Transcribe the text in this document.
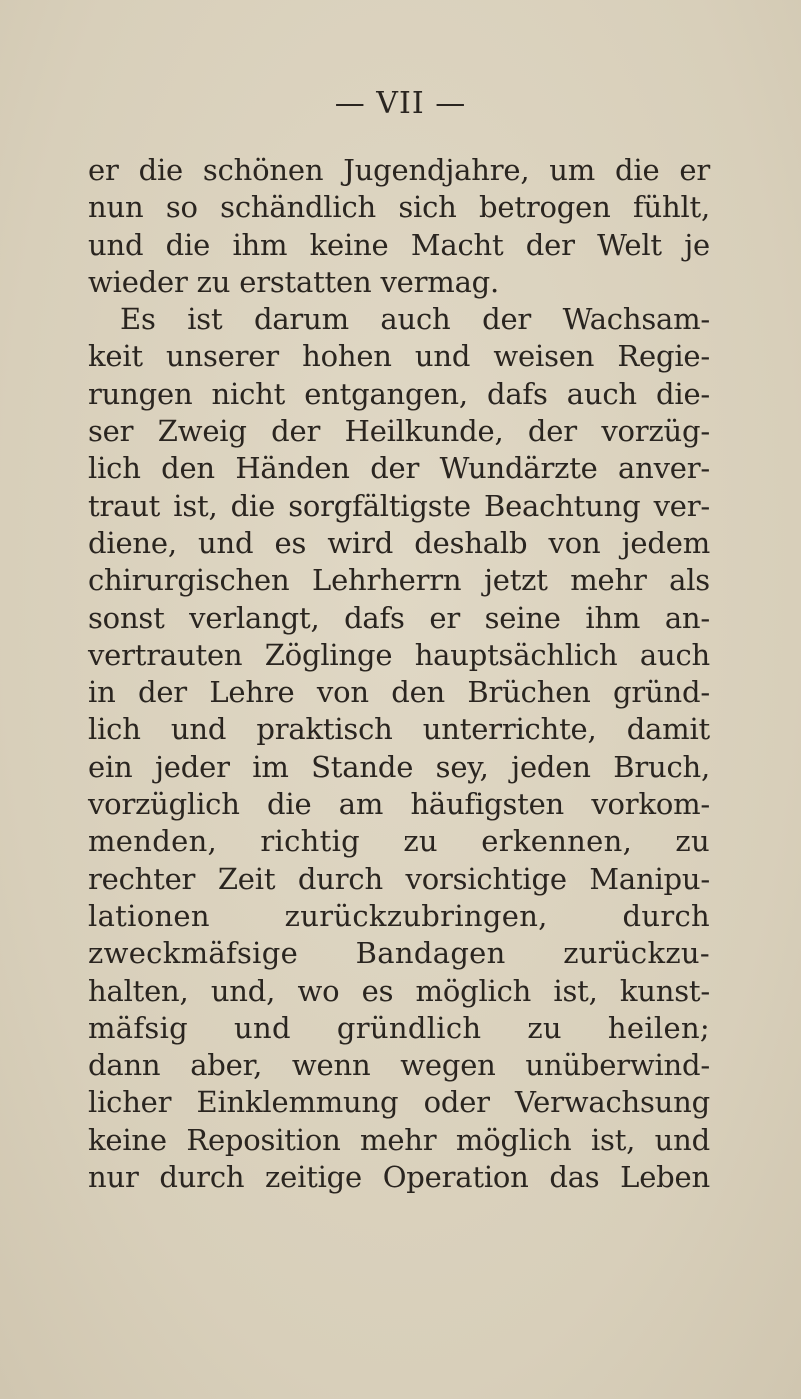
— VII —
er die schönen Jugendjahre, um die er
nun so schändlich sich betrogen fühlt,
und die ihm keine Macht der Welt je
wieder zu erstatten vermag.
Es ist darum auch der Wachsam-
keit unserer hohen und weisen Regie-
rungen nicht entgangen, dafs auch die-
ser Zweig der Heilkunde, der vorzüg-
lich den Händen der Wundärzte anver-
traut ist, die sorgfältigste Beachtung ver-
diene, und es wird deshalb von jedem
chirurgischen Lehrherrn jetzt mehr als
sonst verlangt, dafs er seine ihm an-
vertrauten Zöglinge hauptsächlich auch
in der Lehre von den Brüchen gründ-
lich und praktisch unterrichte, damit
ein jeder im Stande sey, jeden Bruch,
vorzüglich die am häufigsten vorkom-
menden, richtig zu erkennen, zu
rechter Zeit durch vorsichtige Manipu-
lationen zurückzubringen, durch
zweckmäfsige Bandagen zurückzu-
halten, und, wo es möglich ist, kunst-
mäfsig und gründlich zu heilen;
dann aber, wenn wegen unüberwind-
licher Einklemmung oder Verwachsung
keine Reposition mehr möglich ist, und
nur durch zeitige Operation das Leben
